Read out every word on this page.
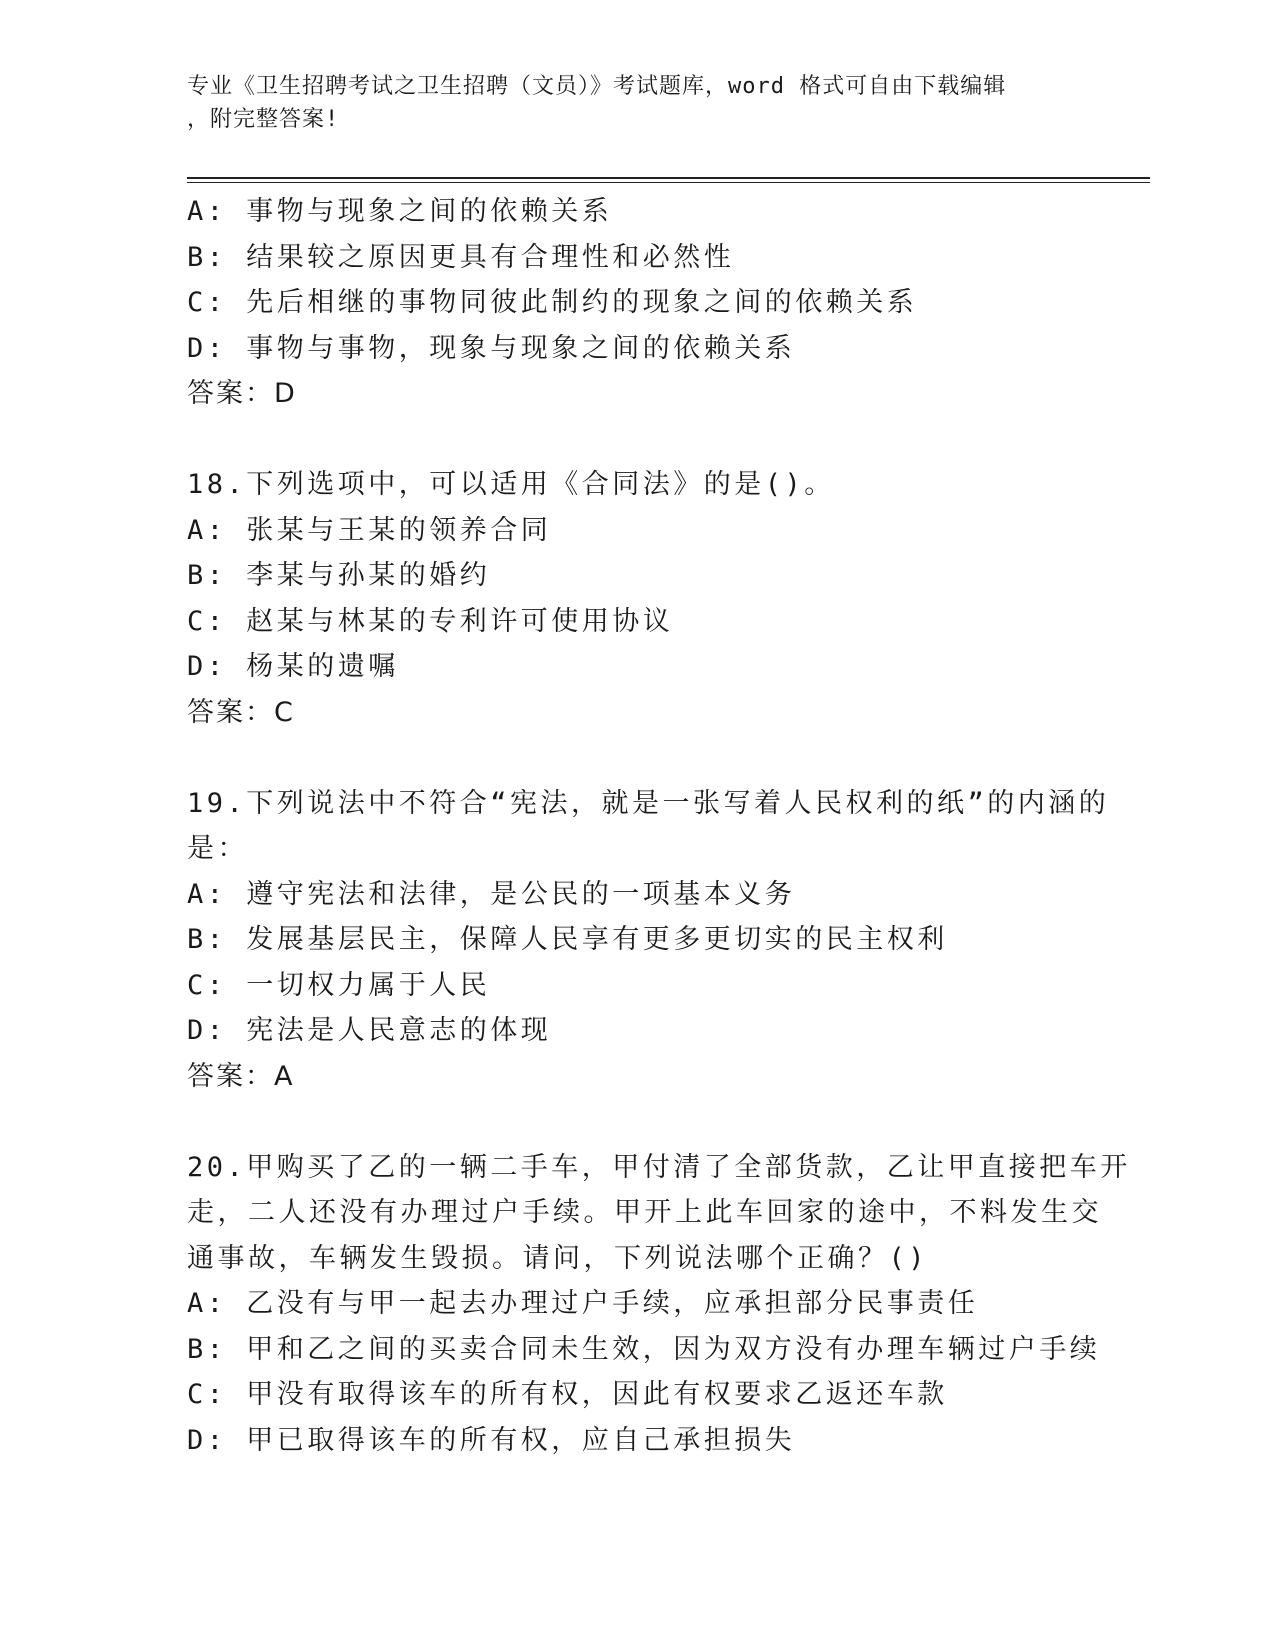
专业《卫生招聘考试之卫生招聘（文员）》考试题库，word 格式可自由下载编辑
，附完整答案!
A: 事物与现象之间的依赖关系
B: 结果较之原因更具有合理性和必然性
C: 先后相继的事物同彼此制约的现象之间的依赖关系
D: 事物与事物，现象与现象之间的依赖关系
答案：D
18.下列选项中，可以适用《合同法》的是()。
A: 张某与王某的领养合同
B: 李某与孙某的婚约
C: 赵某与林某的专利许可使用协议
D: 杨某的遗嘱
答案：C
19.下列说法中不符合“宪法，就是一张写着人民权利的纸”的内涵的
是：
A: 遵守宪法和法律，是公民的一项基本义务
B: 发展基层民主，保障人民享有更多更切实的民主权利
C: 一切权力属于人民
D: 宪法是人民意志的体现
答案：A
20.甲购买了乙的一辆二手车，甲付清了全部货款，乙让甲直接把车开
走，二人还没有办理过户手续。甲开上此车回家的途中，不料发生交
通事故，车辆发生毁损。请问，下列说法哪个正确？()
A: 乙没有与甲一起去办理过户手续，应承担部分民事责任
B: 甲和乙之间的买卖合同未生效，因为双方没有办理车辆过户手续
C: 甲没有取得该车的所有权，因此有权要求乙返还车款
D: 甲已取得该车的所有权，应自己承担损失
